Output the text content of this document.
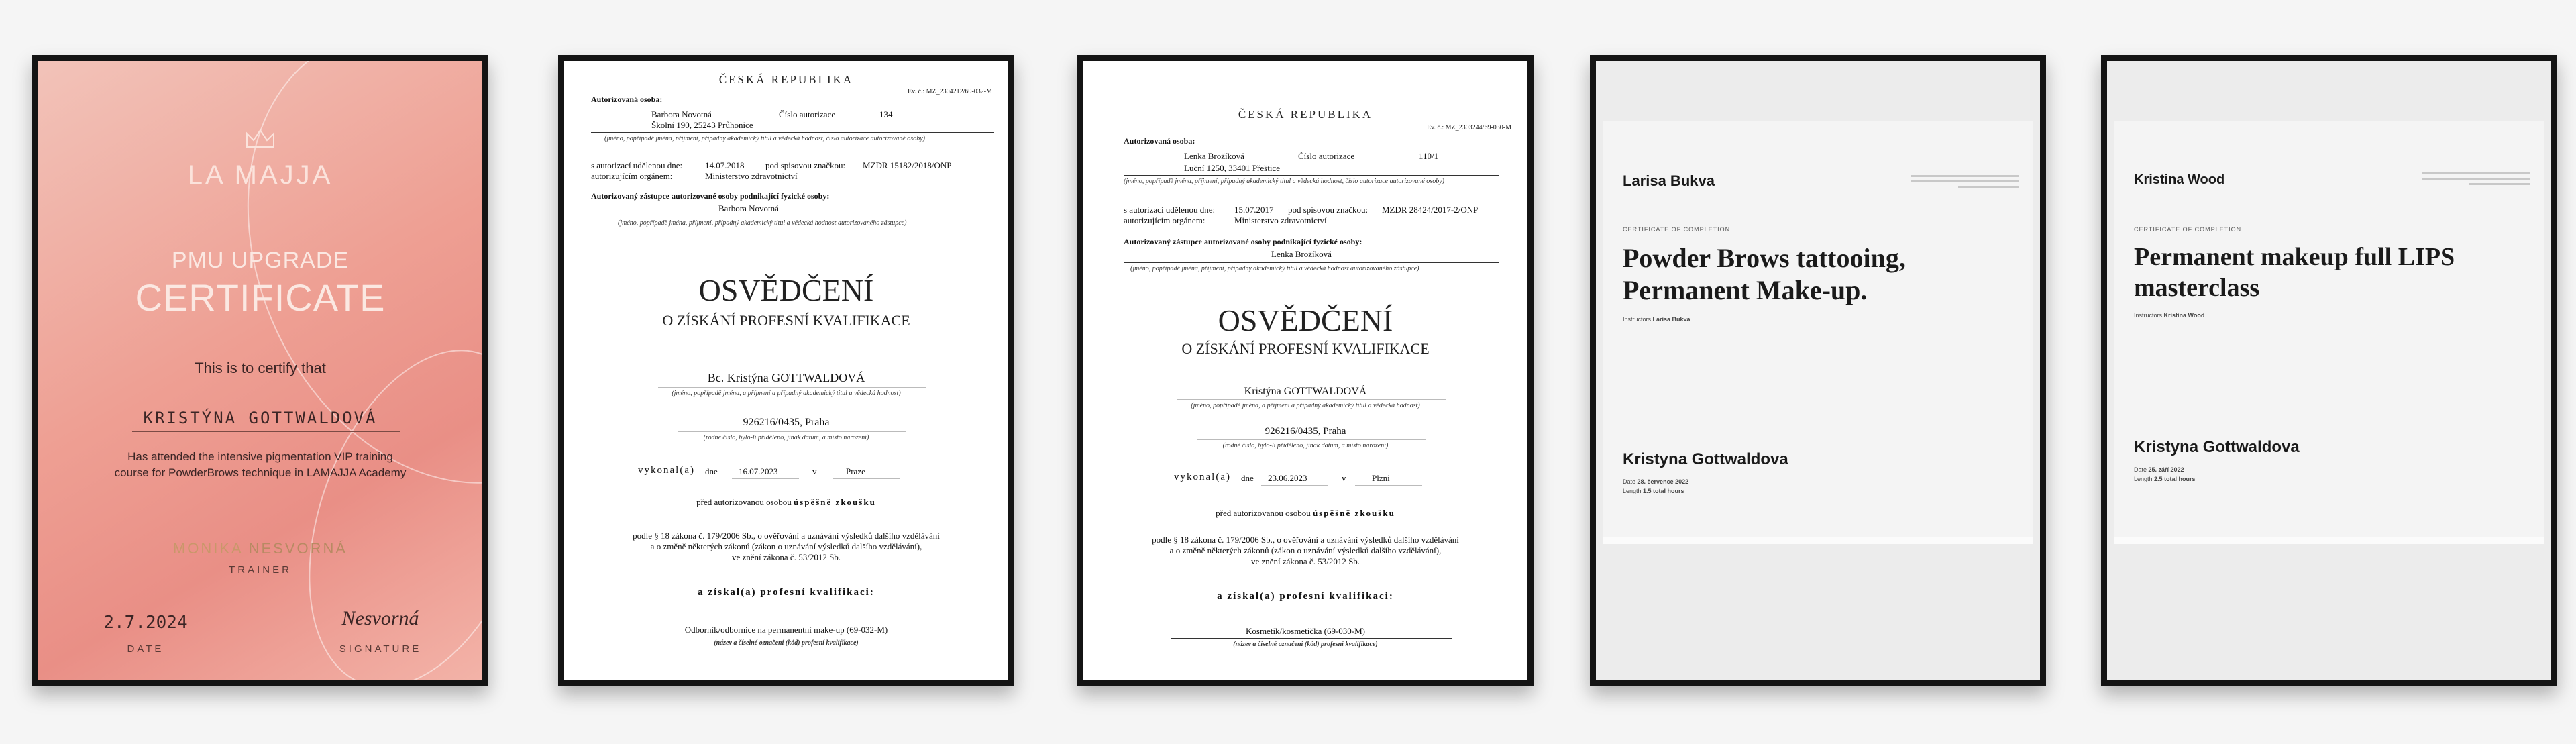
LA MAJJA
PMU UPGRADE
CERTIFICATE
This is to certify that
KRISTÝNA GOTTWALDOVÁ
Has attended the intensive pigmentation VIP training
course for PowderBrows technique in LAMAJJA Academy
MONIKA NESVORNÁ
TRAINER
2.7.2024
DATE
Nesvorná
SIGNATURE
ČESKÁ REPUBLIKA
Ev. č.: MZ_2304212/69-032-M
Autorizovaná osoba:
Barbora Novotná	Číslo autorizace	134
Školní 190, 25243 Průhonice
(jméno, popřípadě jména, příjmení, případný akademický titul a vědecká hodnost, číslo autorizace autorizované osoby)
s autorizací udělenou dne:	14.07.2018 pod spisovou značkou: MZDR 15182/2018/ONP
autorizujícím orgánem:	Ministerstvo zdravotnictví
Autorizovaný zástupce autorizované osoby podnikající fyzické osoby:
Barbora Novotná
(jméno, popřípadě jména, příjmení, případný akademický titul a vědecká hodnost autorizovaného zástupce)
OSVĚDČENÍ
O ZÍSKÁNÍ PROFESNÍ KVALIFIKACE
Bc. Kristýna GOTTWALDOVÁ
(jméno, popřípadě jména, a příjmení a případný akademický titul a vědecká hodnost)
926216/0435, Praha
(rodné číslo, bylo-li přiděleno, jinak datum, a místo narození)
vykonal(a) dne 16.07.2023	v	Praze
před autorizovanou osobou úspěšně zkoušku
podle § 18 zákona č. 179/2006 Sb., o ověřování a uznávání výsledků dalšího vzdělávání
a o změně některých zákonů (zákon o uznávání výsledků dalšího vzdělávání),
ve znění zákona č. 53/2012 Sb.
a získal(a) profesní kvalifikaci:
Odborník/odbornice na permanentní make-up (69-032-M)
(název a číselné označení (kód) profesní kvalifikace)
ČESKÁ REPUBLIKA
Ev. č.: MZ_2303244/69-030-M
Autorizovaná osoba:
Lenka Brožíková	Číslo autorizace	110/1
Luční 1250, 33401 Přeštice
(jméno, popřípadě jména, příjmení, případný akademický titul a vědecká hodnost, číslo autorizace autorizované osoby)
s autorizací udělenou dne: 15.07.2017 pod spisovou značkou: MZDR 28424/2017-2/ONP
autorizujícím orgánem:	Ministerstvo zdravotnictví
Autorizovaný zástupce autorizované osoby podnikající fyzické osoby:
Lenka Brožíková
(jméno, popřípadě jména, příjmení, případný akademický titul a vědecká hodnost autorizovaného zástupce)
OSVĚDČENÍ
O ZÍSKÁNÍ PROFESNÍ KVALIFIKACE
Kristýna GOTTWALDOVÁ
(jméno, popřípadě jména, a příjmení a případný akademický titul a vědecká hodnost)
926216/0435, Praha
(rodné číslo, bylo-li přiděleno, jinak datum, a místo narození)
vykonal(a) dne 23.06.2023	v	Plzni
před autorizovanou osobou úspěšně zkoušku
podle § 18 zákona č. 179/2006 Sb., o ověřování a uznávání výsledků dalšího vzdělávání
a o změně některých zákonů (zákon o uznávání výsledků dalšího vzdělávání),
ve znění zákona č. 53/2012 Sb.
a získal(a) profesní kvalifikaci:
Kosmetik/kosmetička (69-030-M)
(název a číselné označení (kód) profesní kvalifikace)
Larisa Bukva
CERTIFICATE OF COMPLETION
Powder Brows tattooing,
Permanent Make-up.
Instructors Larisa Bukva
Kristyna Gottwaldova
Date 28. července 2022
Length 1.5 total hours
Kristina Wood
CERTIFICATE OF COMPLETION
Permanent makeup full LIPS
masterclass
Instructors Kristina Wood
Kristyna Gottwaldova
Date 25. září 2022
Length 2.5 total hours
